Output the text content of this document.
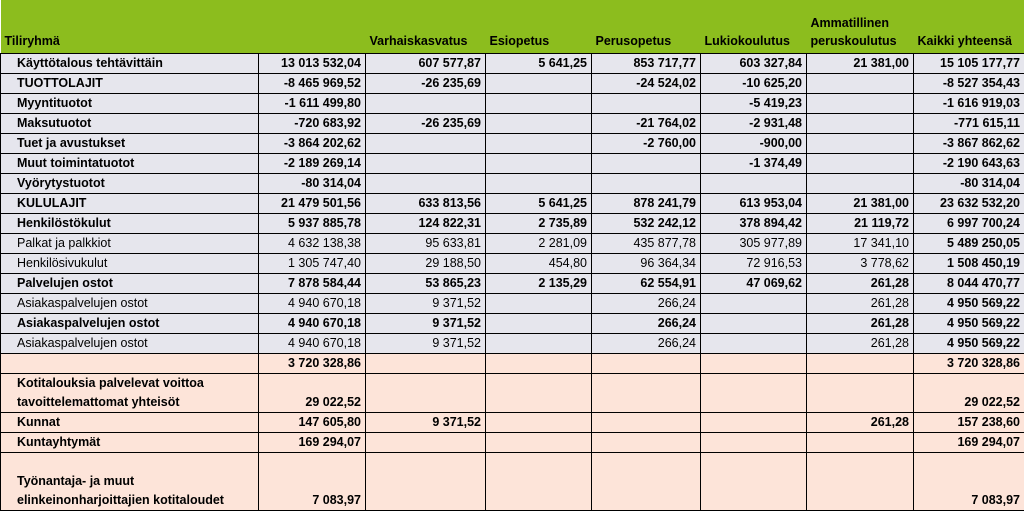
Tiliryhmä		Varhaiskasvatus	Esiopetus	Perusopetus	Lukiokoulutus	Ammatillinen peruskoulutus	Kaikki yhteensä
Käyttötalous tehtävittäin	13 013 532,04	607 577,87	5 641,25	853 717,77	603 327,84	21 381,00	15 105 177,77
TUOTTOLAJIT	-8 465 969,52	-26 235,69		-24 524,02	-10 625,20		-8 527 354,43
Myyntituotot	-1 611 499,80				-5 419,23		-1 616 919,03
Maksutuotot	-720 683,92	-26 235,69		-21 764,02	-2 931,48		-771 615,11
Tuet ja avustukset	-3 864 202,62			-2 760,00	-900,00		-3 867 862,62
Muut toimintatuotot	-2 189 269,14				-1 374,49		-2 190 643,63
Vyörytystuotot	-80 314,04						-80 314,04
KULULAJIT	21 479 501,56	633 813,56	5 641,25	878 241,79	613 953,04	21 381,00	23 632 532,20
Henkilöstökulut	5 937 885,78	124 822,31	2 735,89	532 242,12	378 894,42	21 119,72	6 997 700,24
Palkat ja palkkiot	4 632 138,38	95 633,81	2 281,09	435 877,78	305 977,89	17 341,10	5 489 250,05
Henkilösivukulut	1 305 747,40	29 188,50	454,80	96 364,34	72 916,53	3 778,62	1 508 450,19
Palvelujen ostot	7 878 584,44	53 865,23	2 135,29	62 554,91	47 069,62	261,28	8 044 470,77
Asiakaspalvelujen ostot	4 940 670,18	9 371,52		266,24		261,28	4 950 569,22
Asiakaspalvelujen ostot	4 940 670,18	9 371,52		266,24		261,28	4 950 569,22
Asiakaspalvelujen ostot	4 940 670,18	9 371,52		266,24		261,28	4 950 569,22
	3 720 328,86						3 720 328,86
Kotitalouksia palvelevat voittoa tavoittelemattomat yhteisöt	29 022,52						29 022,52
Kunnat	147 605,80	9 371,52				261,28	157 238,60
Kuntayhtymät	169 294,07						169 294,07
Työnantaja- ja muut elinkeinonharjoittajien kotitaloudet	7 083,97						7 083,97
